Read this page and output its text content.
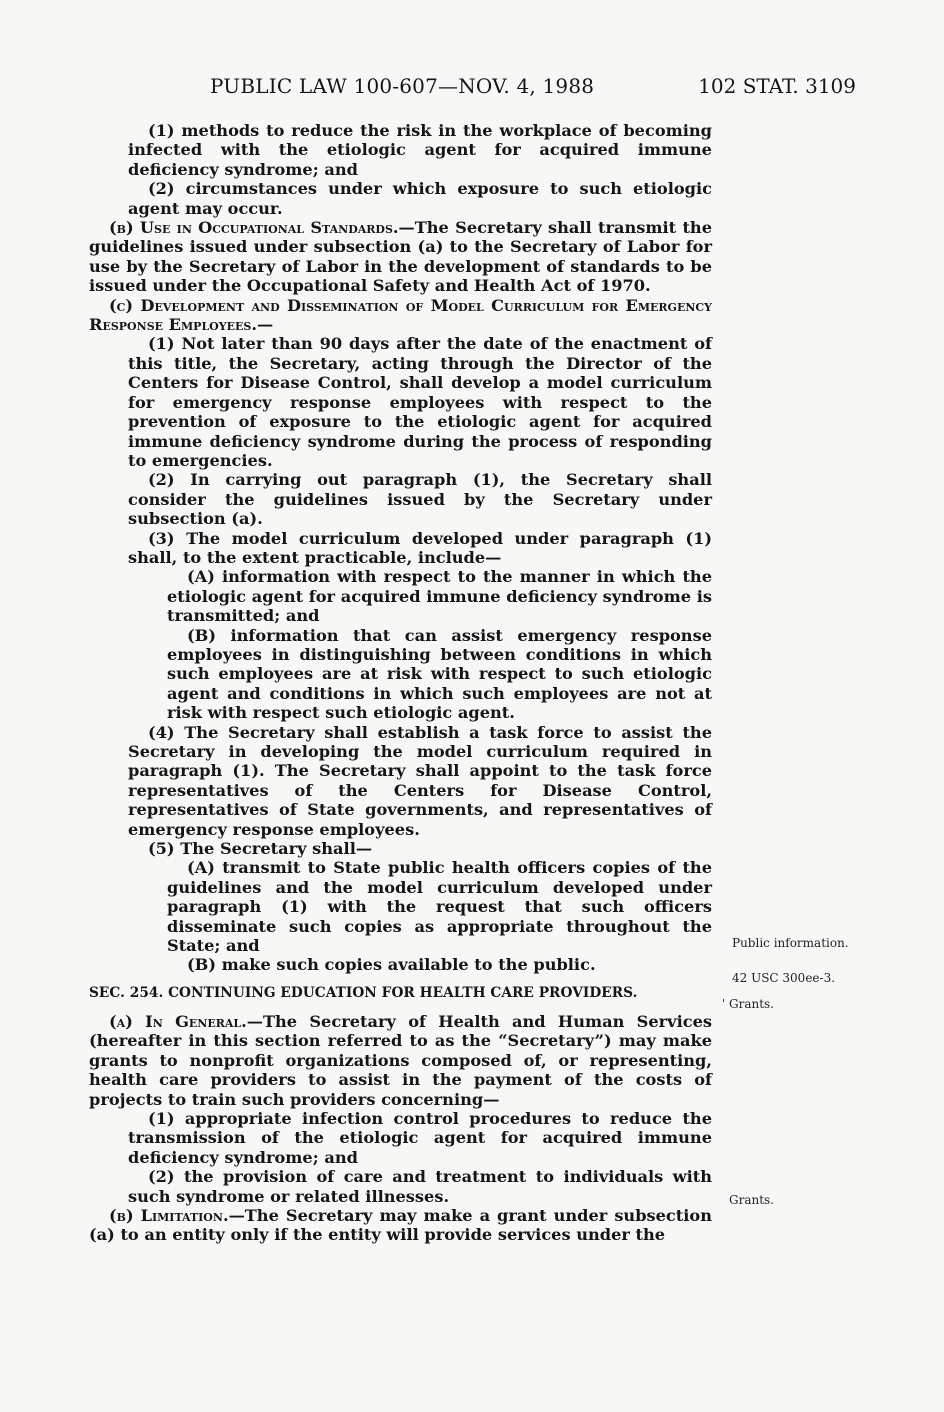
PUBLIC LAW 100-607—NOV. 4, 1988	102 STAT. 3109

(1) methods to reduce the risk in the workplace of becoming infected with the etiologic agent for acquired immune deficiency syndrome; and

(2) circumstances under which exposure to such etiologic agent may occur.

(b) Use in Occupational Standards.—The Secretary shall transmit the guidelines issued under subsection (a) to the Secretary of Labor for use by the Secretary of Labor in the development of standards to be issued under the Occupational Safety and Health Act of 1970.

(c) Development and Dissemination of Model Curriculum for Emergency Response Employees.—

(1) Not later than 90 days after the date of the enactment of this title, the Secretary, acting through the Director of the Centers for Disease Control, shall develop a model curriculum for emergency response employees with respect to the prevention of exposure to the etiologic agent for acquired immune deficiency syndrome during the process of responding to emergencies.

(2) In carrying out paragraph (1), the Secretary shall consider the guidelines issued by the Secretary under subsection (a).

(3) The model curriculum developed under paragraph (1) shall, to the extent practicable, include—

(A) information with respect to the manner in which the etiologic agent for acquired immune deficiency syndrome is transmitted; and

(B) information that can assist emergency response employees in distinguishing between conditions in which such employees are at risk with respect to such etiologic agent and conditions in which such employees are not at risk with respect such etiologic agent.

(4) The Secretary shall establish a task force to assist the Secretary in developing the model curriculum required in paragraph (1). The Secretary shall appoint to the task force representatives of the Centers for Disease Control, representatives of State governments, and representatives of emergency response employees.

(5) The Secretary shall—

(A) transmit to State public health officers copies of the guidelines and the model curriculum developed under paragraph (1) with the request that such officers disseminate such copies as appropriate throughout the State; and

(B) make such copies available to the public.

SEC. 254. CONTINUING EDUCATION FOR HEALTH CARE PROVIDERS.

(a) In General.—The Secretary of Health and Human Services (hereafter in this section referred to as the “Secretary”) may make grants to nonprofit organizations composed of, or representing, health care providers to assist in the payment of the costs of projects to train such providers concerning—

(1) appropriate infection control procedures to reduce the transmission of the etiologic agent for acquired immune deficiency syndrome; and

(2) the provision of care and treatment to individuals with such syndrome or related illnesses.

(b) Limitation.—The Secretary may make a grant under subsection (a) to an entity only if the entity will provide services under the

Public information.
42 USC 300ee-3.
' Grants.
Grants.
